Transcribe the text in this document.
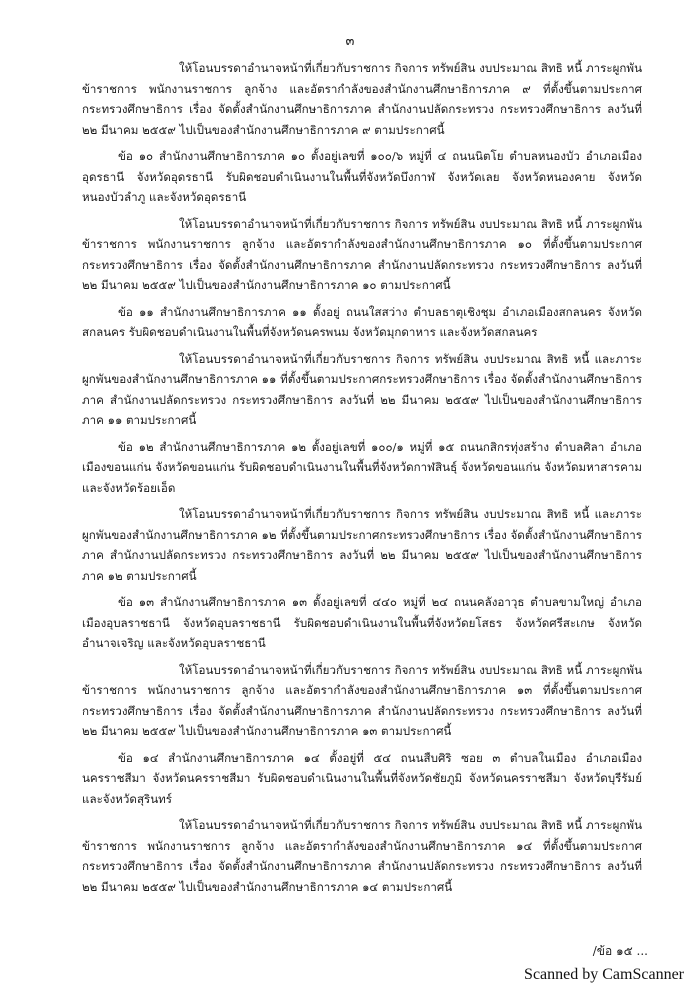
๓

ให้โอนบรรดาอำนาจหน้าที่เกี่ยวกับราชการ กิจการ ทรัพย์สิน งบประมาณ สิทธิ หนี้ ภาระผูกพัน ข้าราชการ พนักงานราชการ ลูกจ้าง และอัตรากำลังของสำนักงานศึกษาธิการภาค ๙ ที่ตั้งขึ้นตามประกาศกระทรวงศึกษาธิการ เรื่อง จัดตั้งสำนักงานศึกษาธิการภาค สำนักงานปลัดกระทรวง กระทรวงศึกษาธิการ ลงวันที่ ๒๒ มีนาคม ๒๕๕๙ ไปเป็นของสำนักงานศึกษาธิการภาค ๙ ตามประกาศนี้

ข้อ ๑๐ สำนักงานศึกษาธิการภาค ๑๐ ตั้งอยู่เลขที่ ๑๐๐/๖ หมู่ที่ ๔ ถนนนิตโย ตำบลหนองบัว อำเภอเมืองอุดรธานี จังหวัดอุดรธานี รับผิดชอบดำเนินงานในพื้นที่จังหวัดบึงกาฬ จังหวัดเลย จังหวัดหนองคาย จังหวัดหนองบัวลำภู และจังหวัดอุดรธานี

ให้โอนบรรดาอำนาจหน้าที่เกี่ยวกับราชการ กิจการ ทรัพย์สิน งบประมาณ สิทธิ หนี้ ภาระผูกพัน ข้าราชการ พนักงานราชการ ลูกจ้าง และอัตรากำลังของสำนักงานศึกษาธิการภาค ๑๐ ที่ตั้งขึ้นตามประกาศกระทรวงศึกษาธิการ เรื่อง จัดตั้งสำนักงานศึกษาธิการภาค สำนักงานปลัดกระทรวง กระทรวงศึกษาธิการ ลงวันที่ ๒๒ มีนาคม ๒๕๕๙ ไปเป็นของสำนักงานศึกษาธิการภาค ๑๐ ตามประกาศนี้

ข้อ ๑๑ สำนักงานศึกษาธิการภาค ๑๑ ตั้งอยู่ ถนนใสสว่าง ตำบลธาตุเชิงชุม อำเภอเมืองสกลนคร จังหวัดสกลนคร รับผิดชอบดำเนินงานในพื้นที่จังหวัดนครพนม จังหวัดมุกดาหาร และจังหวัดสกลนคร

ให้โอนบรรดาอำนาจหน้าที่เกี่ยวกับราชการ กิจการ ทรัพย์สิน งบประมาณ สิทธิ หนี้ และภาระผูกพันของสำนักงานศึกษาธิการภาค ๑๑ ที่ตั้งขึ้นตามประกาศกระทรวงศึกษาธิการ เรื่อง จัดตั้งสำนักงานศึกษาธิการภาค สำนักงานปลัดกระทรวง กระทรวงศึกษาธิการ ลงวันที่ ๒๒ มีนาคม ๒๕๕๙ ไปเป็นของสำนักงานศึกษาธิการภาค ๑๑ ตามประกาศนี้

ข้อ ๑๒ สำนักงานศึกษาธิการภาค ๑๒ ตั้งอยู่เลขที่ ๑๐๐/๑ หมู่ที่ ๑๕ ถนนกสิกรทุ่งสร้าง ตำบลศิลา อำเภอเมืองขอนแก่น จังหวัดขอนแก่น รับผิดชอบดำเนินงานในพื้นที่จังหวัดกาฬสินธุ์ จังหวัดขอนแก่น จังหวัดมหาสารคาม และจังหวัดร้อยเอ็ด

ให้โอนบรรดาอำนาจหน้าที่เกี่ยวกับราชการ กิจการ ทรัพย์สิน งบประมาณ สิทธิ หนี้ และภาระผูกพันของสำนักงานศึกษาธิการภาค ๑๒ ที่ตั้งขึ้นตามประกาศกระทรวงศึกษาธิการ เรื่อง จัดตั้งสำนักงานศึกษาธิการภาค สำนักงานปลัดกระทรวง กระทรวงศึกษาธิการ ลงวันที่ ๒๒ มีนาคม ๒๕๕๙ ไปเป็นของสำนักงานศึกษาธิการภาค ๑๒ ตามประกาศนี้

ข้อ ๑๓ สำนักงานศึกษาธิการภาค ๑๓ ตั้งอยู่เลขที่ ๔๔๐ หมู่ที่ ๒๔ ถนนคลังอาวุธ ตำบลขามใหญ่ อำเภอเมืองอุบลราชธานี จังหวัดอุบลราชธานี รับผิดชอบดำเนินงานในพื้นที่จังหวัดยโสธร จังหวัดศรีสะเกษ จังหวัดอำนาจเจริญ และจังหวัดอุบลราชธานี

ให้โอนบรรดาอำนาจหน้าที่เกี่ยวกับราชการ กิจการ ทรัพย์สิน งบประมาณ สิทธิ หนี้ ภาระผูกพัน ข้าราชการ พนักงานราชการ ลูกจ้าง และอัตรากำลังของสำนักงานศึกษาธิการภาค ๑๓ ที่ตั้งขึ้นตามประกาศกระทรวงศึกษาธิการ เรื่อง จัดตั้งสำนักงานศึกษาธิการภาค สำนักงานปลัดกระทรวง กระทรวงศึกษาธิการ ลงวันที่ ๒๒ มีนาคม ๒๕๕๙ ไปเป็นของสำนักงานศึกษาธิการภาค ๑๓ ตามประกาศนี้

ข้อ ๑๔ สำนักงานศึกษาธิการภาค ๑๔ ตั้งอยู่ที่ ๕๔ ถนนสืบศิริ ซอย ๓ ตำบลในเมือง อำเภอเมืองนครราชสีมา จังหวัดนครราชสีมา รับผิดชอบดำเนินงานในพื้นที่จังหวัดชัยภูมิ จังหวัดนครราชสีมา จังหวัดบุรีรัมย์ และจังหวัดสุรินทร์

ให้โอนบรรดาอำนาจหน้าที่เกี่ยวกับราชการ กิจการ ทรัพย์สิน งบประมาณ สิทธิ หนี้ ภาระผูกพัน ข้าราชการ พนักงานราชการ ลูกจ้าง และอัตรากำลังของสำนักงานศึกษาธิการภาค ๑๔ ที่ตั้งขึ้นตามประกาศกระทรวงศึกษาธิการ เรื่อง จัดตั้งสำนักงานศึกษาธิการภาค สำนักงานปลัดกระทรวง กระทรวงศึกษาธิการ ลงวันที่ ๒๒ มีนาคม ๒๕๕๙ ไปเป็นของสำนักงานศึกษาธิการภาค ๑๔ ตามประกาศนี้

/ข้อ ๑๕ ...
Scanned by CamScanner
